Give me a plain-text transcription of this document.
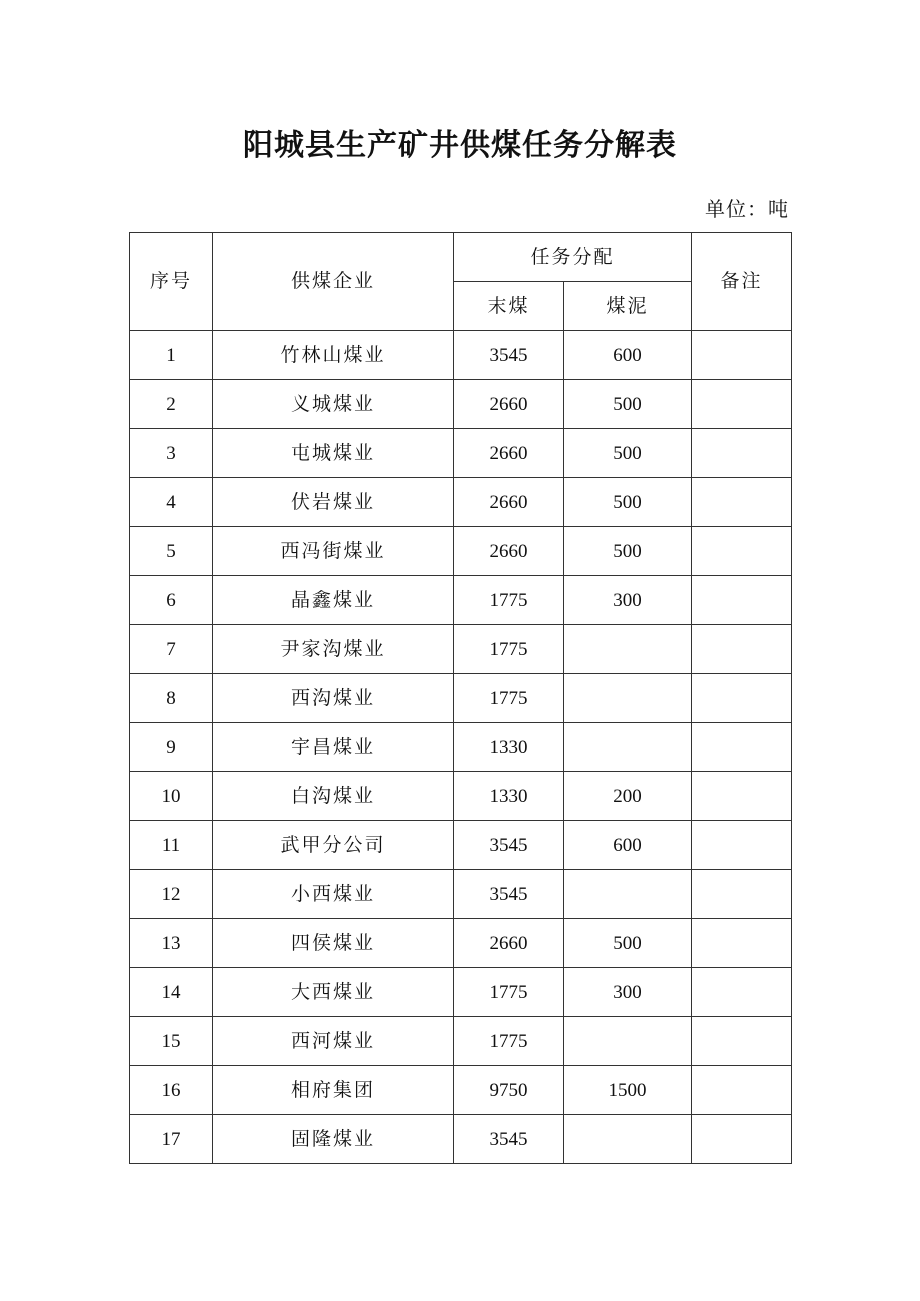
阳城县生产矿井供煤任务分解表
单位：吨
序号	供煤企业	任务分配		备注
		末煤	煤泥	
1	竹林山煤业	3545	600	
2	义城煤业	2660	500	
3	屯城煤业	2660	500	
4	伏岩煤业	2660	500	
5	西冯街煤业	2660	500	
6	晶鑫煤业	1775	300	
7	尹家沟煤业	1775		
8	西沟煤业	1775		
9	宇昌煤业	1330		
10	白沟煤业	1330	200	
11	武甲分公司	3545	600	
12	小西煤业	3545		
13	四侯煤业	2660	500	
14	大西煤业	1775	300	
15	西河煤业	1775		
16	相府集团	9750	1500	
17	固隆煤业	3545		
